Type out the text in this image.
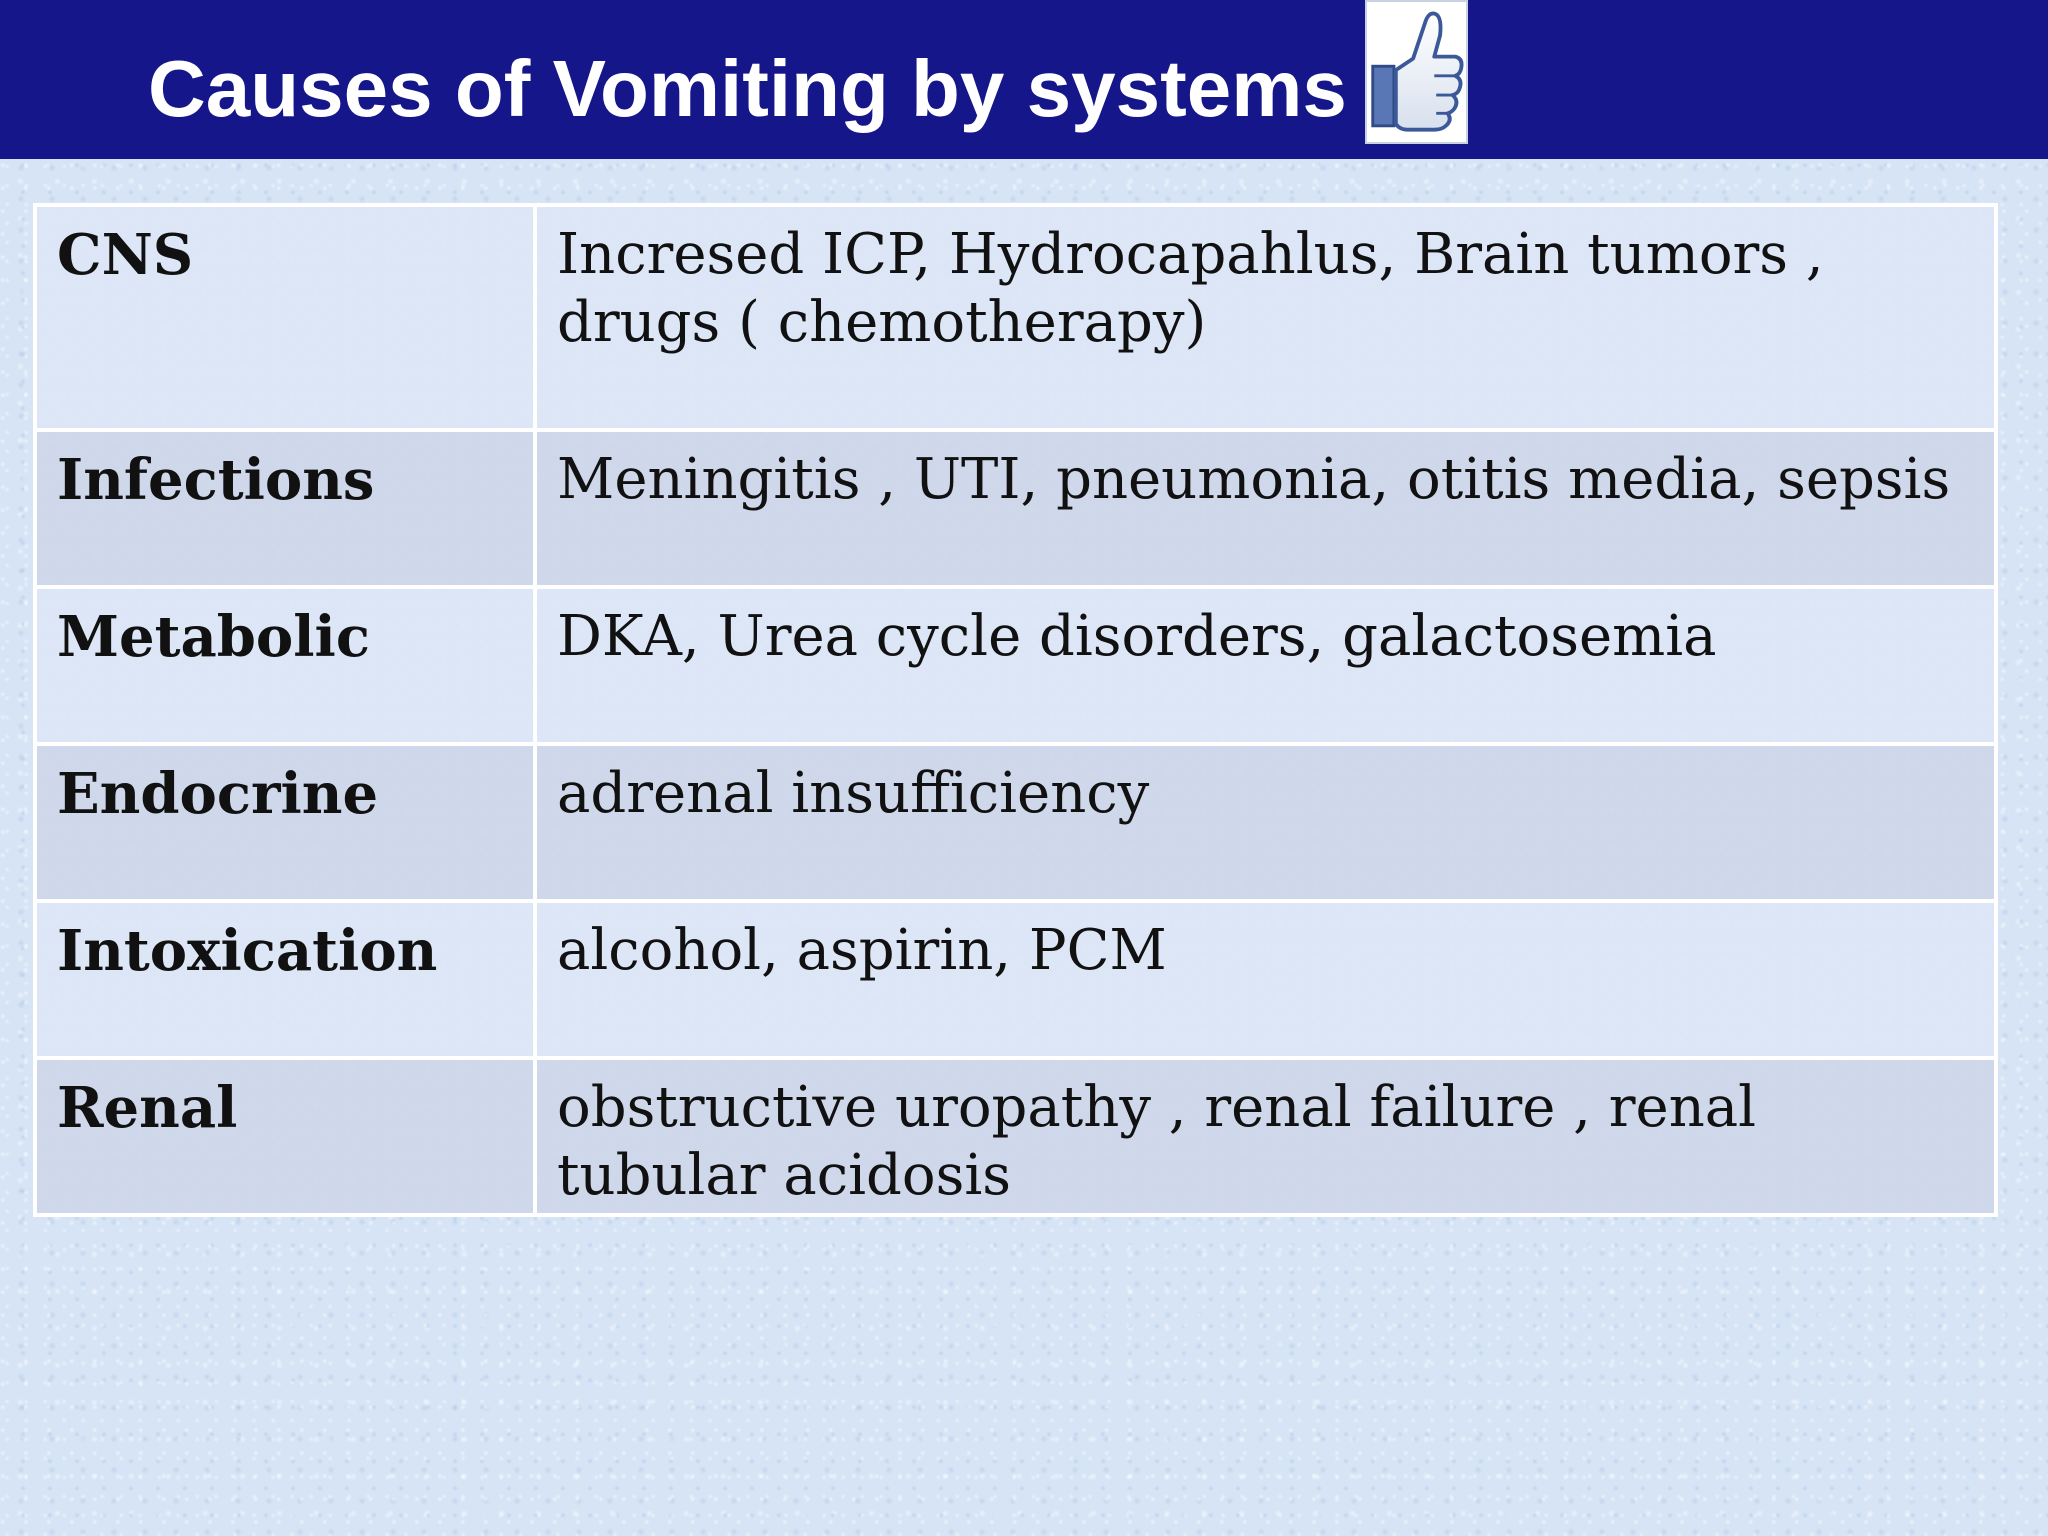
Causes of Vomiting by systems
CNS	Incresed ICP, Hydrocapahlus, Brain tumors , drugs ( chemotherapy)
Infections	Meningitis , UTI, pneumonia, otitis media, sepsis
Metabolic	DKA, Urea cycle disorders, galactosemia
Endocrine	adrenal insufficiency
Intoxication	alcohol, aspirin, PCM
Renal	obstructive uropathy , renal failure , renal tubular acidosis
